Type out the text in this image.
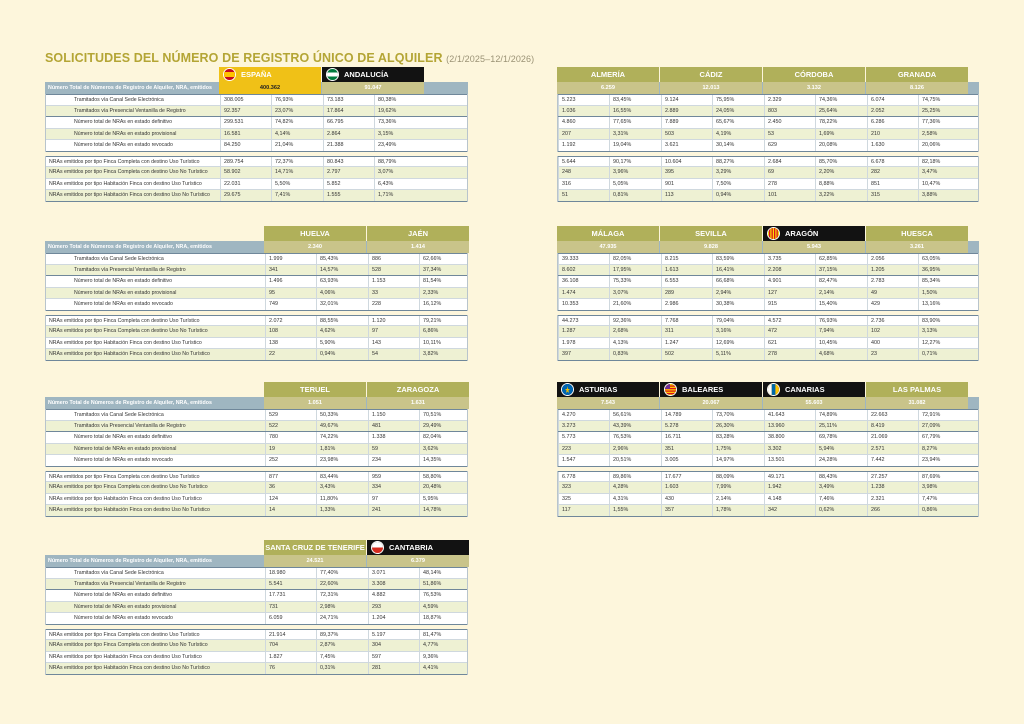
SOLICITUDES DEL NÚMERO DE REGISTRO ÚNICO DE ALQUILER (2/1/2025–12/1/2026)
ESPAÑA	ANDALUCÍA
Número Total de Números de Registro de Alquiler, NRA, emitidos	400.362	91.047
Tramitados vía Canal Sede Electrónica	308.005	76,93%	73.183	80,38%
Tramitados vía Presencial Ventanilla de Registro	92.357	23,07%	17.864	19,62%
Número total de NRAs en estado definitivo	299.531	74,82%	66.795	73,36%
Número total de NRAs en estado provisional	16.581	4,14%	2.864	3,15%
Número total de NRAs en estado revocado	84.250	21,04%	21.388	23,49%
NRAs emitidos por tipo Finca Completa con destino Uso Turístico	289.754	72,37%	80.843	88,79%
NRAs emitidos por tipo Finca Completa con destino Uso No Turístico	58.902	14,71%	2.797	3,07%
NRAs emitidos por tipo Habitación Finca con destino Uso Turístico	22.031	5,50%	5.852	6,43%
NRAs emitidos por tipo Habitación Finca con destino Uso No Turístico	29.675	7,41%	1.555	1,71%
ALMERÍA	CÁDIZ	CÓRDOBA	GRANADA
6.259	12.013	3.132	8.126
5.223	83,45%	9.124	75,95%	2.329	74,36%	6.074	74,75%
1.036	16,55%	2.889	24,05%	803	25,64%	2.052	25,25%
4.860	77,65%	7.889	65,67%	2.450	78,22%	6.286	77,36%
207	3,31%	503	4,19%	53	1,69%	210	2,58%
1.192	19,04%	3.621	30,14%	629	20,08%	1.630	20,06%
5.644	90,17%	10.604	88,27%	2.684	85,70%	6.678	82,18%
248	3,96%	395	3,29%	69	2,20%	282	3,47%
316	5,05%	901	7,50%	278	8,88%	851	10,47%
51	0,81%	113	0,94%	101	3,22%	315	3,88%
HUELVA	JAÉN
Número Total de Números de Registro de Alquiler, NRA, emitidos	2.340	1.414
Tramitados vía Canal Sede Electrónica	1.999	85,43%	886	62,66%
Tramitados vía Presencial Ventanilla de Registro	341	14,57%	528	37,34%
Número total de NRAs en estado definitivo	1.496	63,93%	1.153	81,54%
Número total de NRAs en estado provisional	95	4,06%	33	2,33%
Número total de NRAs en estado revocado	749	32,01%	228	16,12%
NRAs emitidos por tipo Finca Completa con destino Uso Turístico	2.072	88,55%	1.120	79,21%
NRAs emitidos por tipo Finca Completa con destino Uso No Turístico	108	4,62%	97	6,86%
NRAs emitidos por tipo Habitación Finca con destino Uso Turístico	138	5,90%	143	10,11%
NRAs emitidos por tipo Habitación Finca con destino Uso No Turístico	22	0,94%	54	3,82%
MÁLAGA	SEVILLA	ARAGÓN	HUESCA
47.935	9.828	5.943	3.261
39.333	82,05%	8.215	83,59%	3.735	62,85%	2.056	63,05%
8.602	17,95%	1.613	16,41%	2.208	37,15%	1.205	36,95%
36.108	75,33%	6.553	66,68%	4.901	82,47%	2.783	85,34%
1.474	3,07%	289	2,94%	127	2,14%	49	1,50%
10.353	21,60%	2.986	30,38%	915	15,40%	429	13,16%
44.273	92,36%	7.768	79,04%	4.572	76,93%	2.736	83,90%
1.287	2,68%	311	3,16%	472	7,94%	102	3,13%
1.978	4,13%	1.247	12,69%	621	10,45%	400	12,27%
397	0,83%	502	5,11%	278	4,68%	23	0,71%
TERUEL	ZARAGOZA
Número Total de Números de Registro de Alquiler, NRA, emitidos	1.051	1.631
Tramitados vía Canal Sede Electrónica	529	50,33%	1.150	70,51%
Tramitados vía Presencial Ventanilla de Registro	522	49,67%	481	29,49%
Número total de NRAs en estado definitivo	780	74,22%	1.338	82,04%
Número total de NRAs en estado provisional	19	1,81%	59	3,62%
Número total de NRAs en estado revocado	252	23,98%	234	14,35%
NRAs emitidos por tipo Finca Completa con destino Uso Turístico	877	83,44%	959	58,80%
NRAs emitidos por tipo Finca Completa con destino Uso No Turístico	36	3,43%	334	20,48%
NRAs emitidos por tipo Habitación Finca con destino Uso Turístico	124	11,80%	97	5,95%
NRAs emitidos por tipo Habitación Finca con destino Uso No Turístico	14	1,33%	241	14,78%
ASTURIAS	BALEARES	CANARIAS	LAS PALMAS
7.543	20.067	55.603	31.082
4.270	56,61%	14.789	73,70%	41.643	74,89%	22.663	72,91%
3.273	43,39%	5.278	26,30%	13.960	25,11%	8.419	27,09%
5.773	76,53%	16.711	83,28%	38.800	69,78%	21.069	67,79%
223	2,96%	351	1,75%	3.302	5,94%	2.571	8,27%
1.547	20,51%	3.005	14,97%	13.501	24,28%	7.442	23,94%
6.778	89,86%	17.677	88,09%	49.171	88,43%	27.257	87,69%
323	4,28%	1.603	7,99%	1.942	3,49%	1.238	3,98%
325	4,31%	430	2,14%	4.148	7,46%	2.321	7,47%
117	1,55%	357	1,78%	342	0,62%	266	0,86%
SANTA CRUZ DE TENERIFE	CANTABRIA
Número Total de Números de Registro de Alquiler, NRA, emitidos	24.521	6.379
Tramitados vía Canal Sede Electrónica	18.980	77,40%	3.071	48,14%
Tramitados vía Presencial Ventanilla de Registro	5.541	22,60%	3.308	51,86%
Número total de NRAs en estado definitivo	17.731	72,31%	4.882	76,53%
Número total de NRAs en estado provisional	731	2,98%	293	4,59%
Número total de NRAs en estado revocado	6.059	24,71%	1.204	18,87%
NRAs emitidos por tipo Finca Completa con destino Uso Turístico	21.914	89,37%	5.197	81,47%
NRAs emitidos por tipo Finca Completa con destino Uso No Turístico	704	2,87%	304	4,77%
NRAs emitidos por tipo Habitación Finca con destino Uso Turístico	1.827	7,45%	597	9,36%
NRAs emitidos por tipo Habitación Finca con destino Uso No Turístico	76	0,31%	281	4,41%
